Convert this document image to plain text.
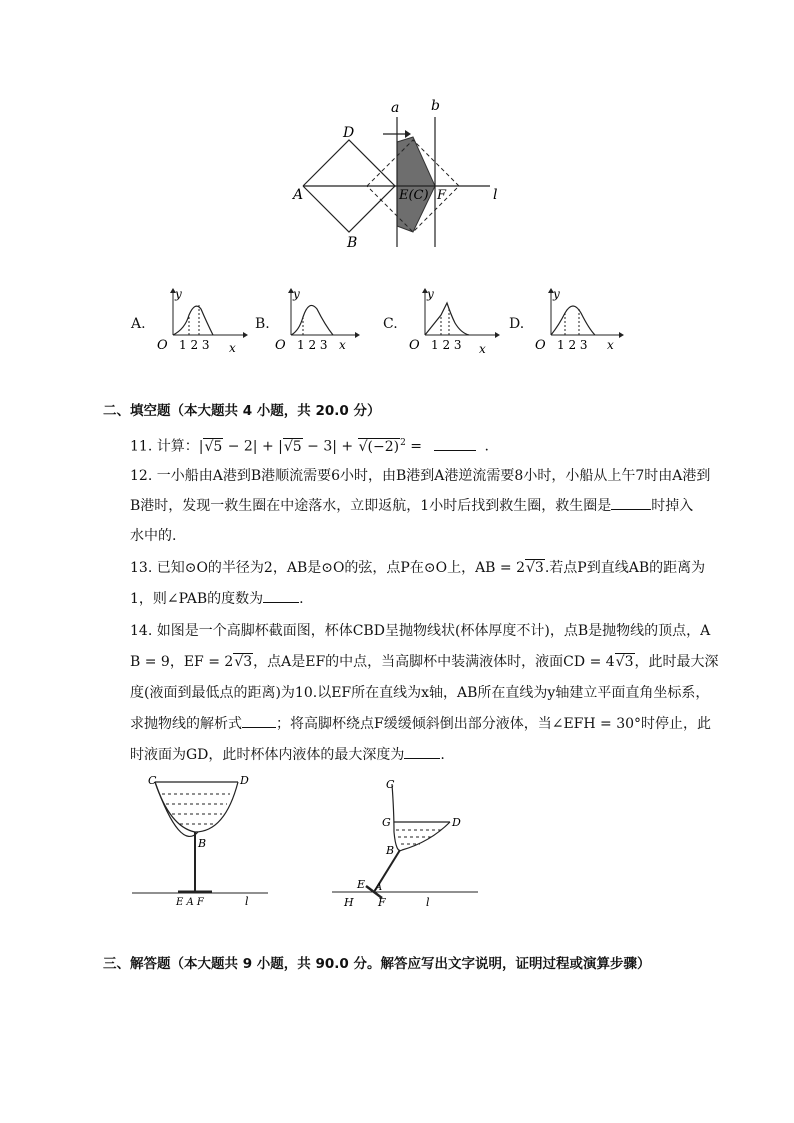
a b
D
A
B
E(C) F	l
A.
y
O 1 2 3 x
B.
y
O 1 2 3 x
C.
y
O 1 2 3 x
D.
y
O 1 2 3 x
二、填空题（本大题共 4 小题，共 20.0 分）
11. 计算：$|√5 - 2| + |√5 - 3| + √(-2)^2$ =	.
12. 一小船由A港到B港顺流需要6小时，由B港到A港逆流需要8小时，小船从上午7时由A港到
B港时，发现一救生圈在中途落水，立即返航，1小时后找到救生圈，救生圈是	时掉入
水中的.
13. 已知⊙O的半径为2，AB是⊙O的弦，点P在⊙O上，AB = 2√3.若点P到直线AB的距离为
1，则∠PAB的度数为	.
14. 如图是一个高脚杯截面图，杯体CBD呈抛物线状(杯体厚度不计)，点B是抛物线的顶点，A
B = 9，EF = 2√3，点A是EF的中点，当高脚杯中装满液体时，液面CD = 4√3，此时最大深
度(液面到最低点的距离)为10.以EF所在直线为x轴，AB所在直线为y轴建立平面直角坐标系，
求抛物线的解析式 ；将高脚杯绕点F缓缓倾斜倒出部分液体，当∠EFH = 30°时停止，此
时液面为GD，此时杯体内液体的最大深度为	.
C	D
B
E A F	l
C
G	D
B
E A
H F	l
三、解答题（本大题共 9 小题，共 90.0 分。解答应写出文字说明，证明过程或演算步骤）
